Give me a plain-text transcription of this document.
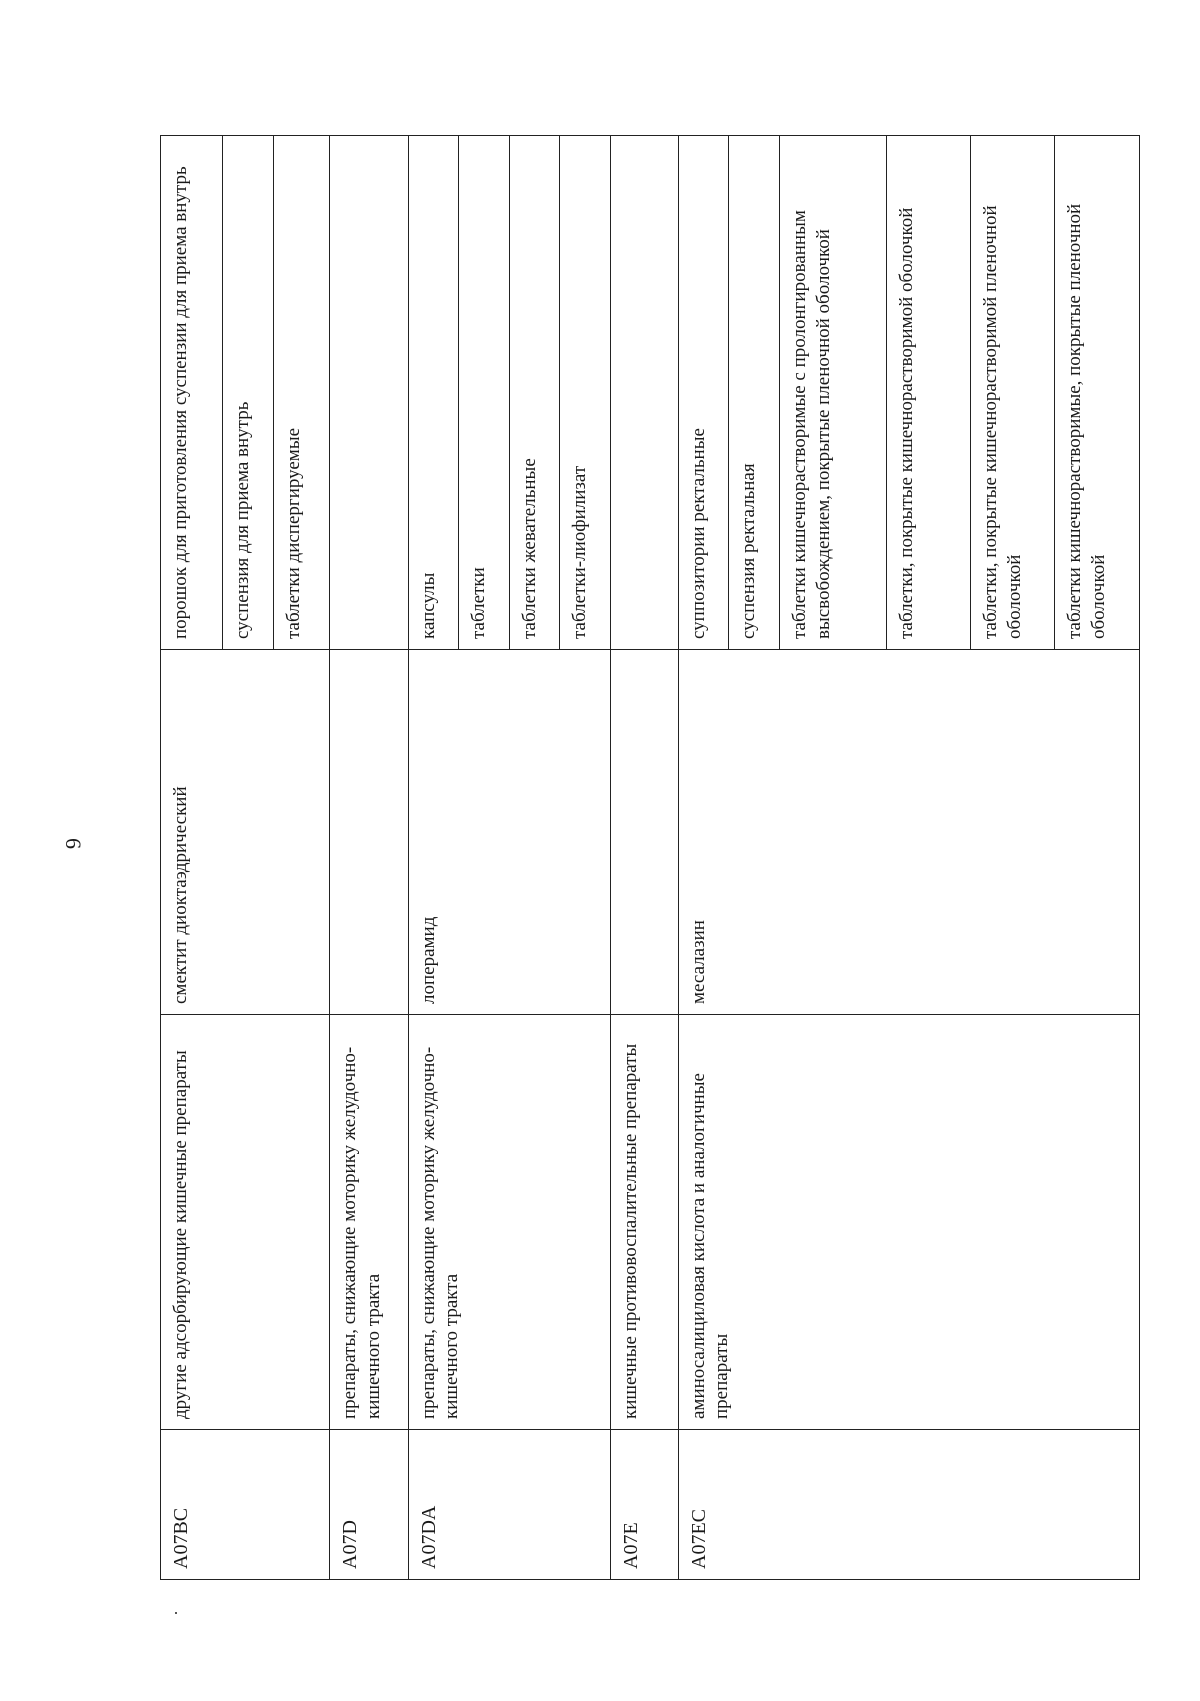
6
A07BC	другие адсорбирующие кишечные препараты	смектит диоктаэдрический	порошок для приготовления суспензии для приема внутрь
			суспензия для приема внутрь
			таблетки диспергируемые
A07D	препараты, снижающие моторику желудочно-кишечного тракта		
A07DA	препараты, снижающие моторику желудочно-кишечного тракта	лоперамид	капсулы
			таблетки
			таблетки жевательные
			таблетки-лиофилизат
A07E	кишечные противовоспалительные препараты		
A07EC	аминосалициловая кислота и аналогичные препараты	месалазин	суппозитории ректальные
			суспензия ректальная
			таблетки кишечнорастворимые с пролонгированным высвобождением, покрытые пленочной оболочкой
			таблетки, покрытые кишечнорастворимой оболочкой
			таблетки, покрытые кишечнорастворимой пленочной оболочкой
			таблетки кишечнорастворимые, покрытые пленочной оболочкой
